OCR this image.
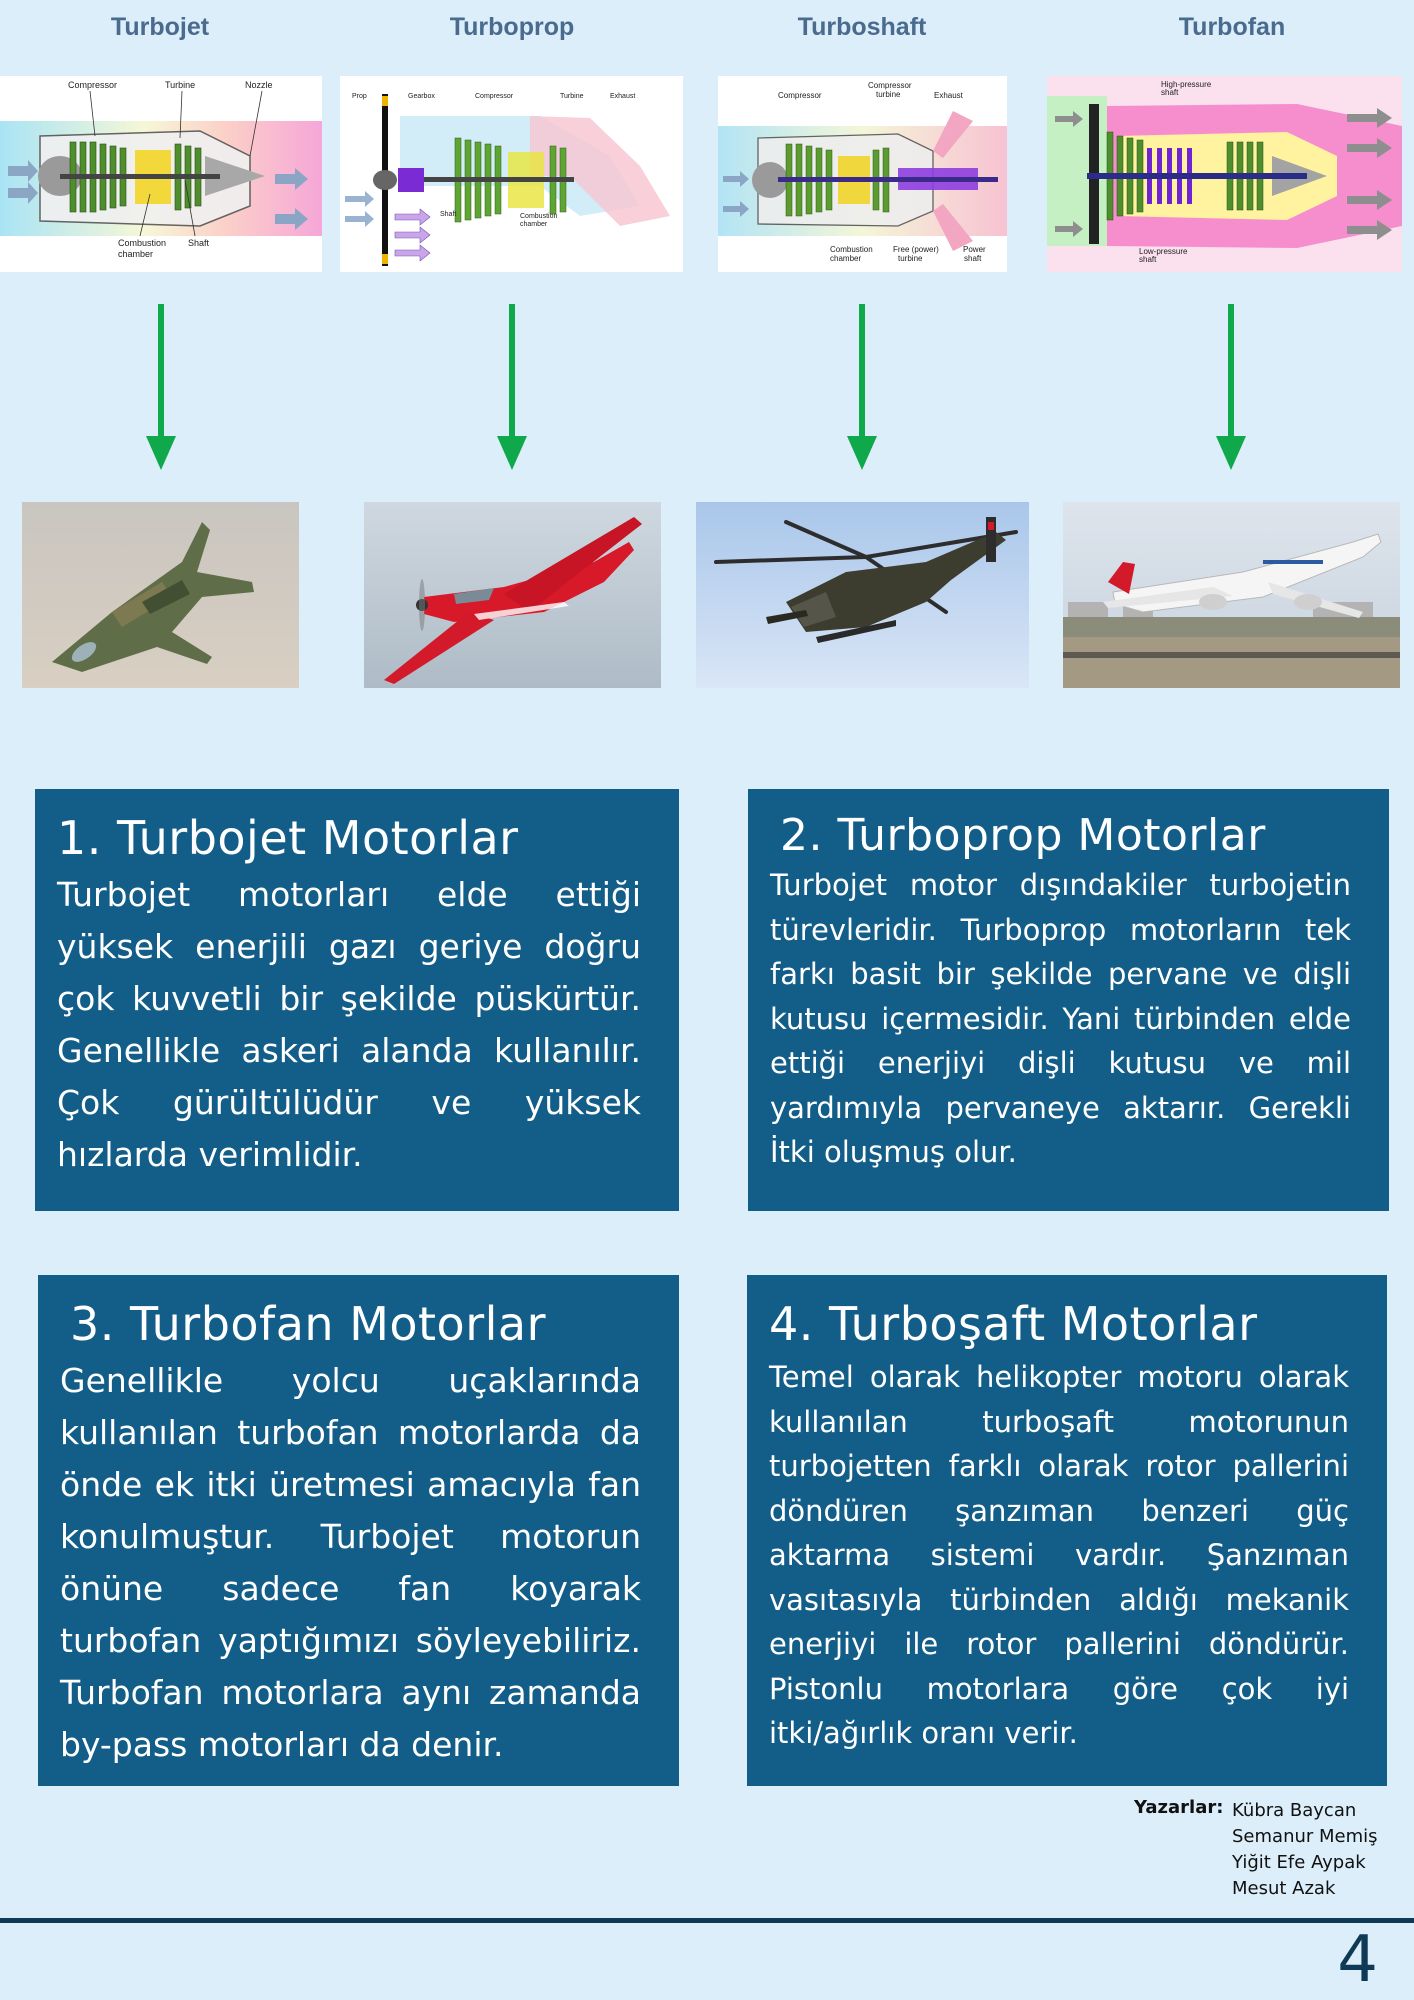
Turbojet	Turboprop	Turboshaft	Turbofan
Compressor	Turbine	Nozzle
Combustion
chamber
Shaft
Prop	Gearbox	Compressor	Turbine	Exhaust
Shaft	Combustion
chamber
Compressor
Compressor
turbine	Exhaust
Combustion
chamber
Free (power)
turbine
Power
shaft
High-pressure
shaft
Low-pressure
shaft
1. Turbojet Motorlar

Turbojet motorları elde ettiği yüksek enerjili gazı geriye doğru çok kuvvetli bir şekilde püskürtür. Genellikle askeri alanda kullanılır. Çok gürültülüdür ve yüksek hızlarda verimlidir.

2. Turboprop Motorlar

Turbojet motor dışındakiler turbojetin türevleridir. Turboprop motorların tek farkı basit bir şekilde pervane ve dişli kutusu içermesidir. Yani türbinden elde ettiği enerjiyi dişli kutusu ve mil yardımıyla pervaneye aktarır. Gerekli İtki oluşmuş olur.

3. Turbofan Motorlar

Genellikle yolcu uçaklarında kullanılan turbofan motorlarda da önde ek itki üretmesi amacıyla fan konulmuştur. Turbojet motorun önüne sadece fan koyarak turbofan yaptığımızı söyleyebiliriz. Turbofan motorlara aynı zamanda by-pass motorları da denir.

4. Turboşaft Motorlar

Temel olarak helikopter motoru olarak kullanılan turboşaft motorunun turbojetten farklı olarak rotor pallerini döndüren şanzıman benzeri güç aktarma sistemi vardır. Şanzıman vasıtasıyla türbinden aldığı mekanik enerjiyi ile rotor pallerini döndürür. Pistonlu motorlara göre çok iyi itki/ağırlık oranı verir.

Yazarlar: Kübra Baycan
Semanur Memiş
Yiğit Efe Aypak
Mesut Azak
4
